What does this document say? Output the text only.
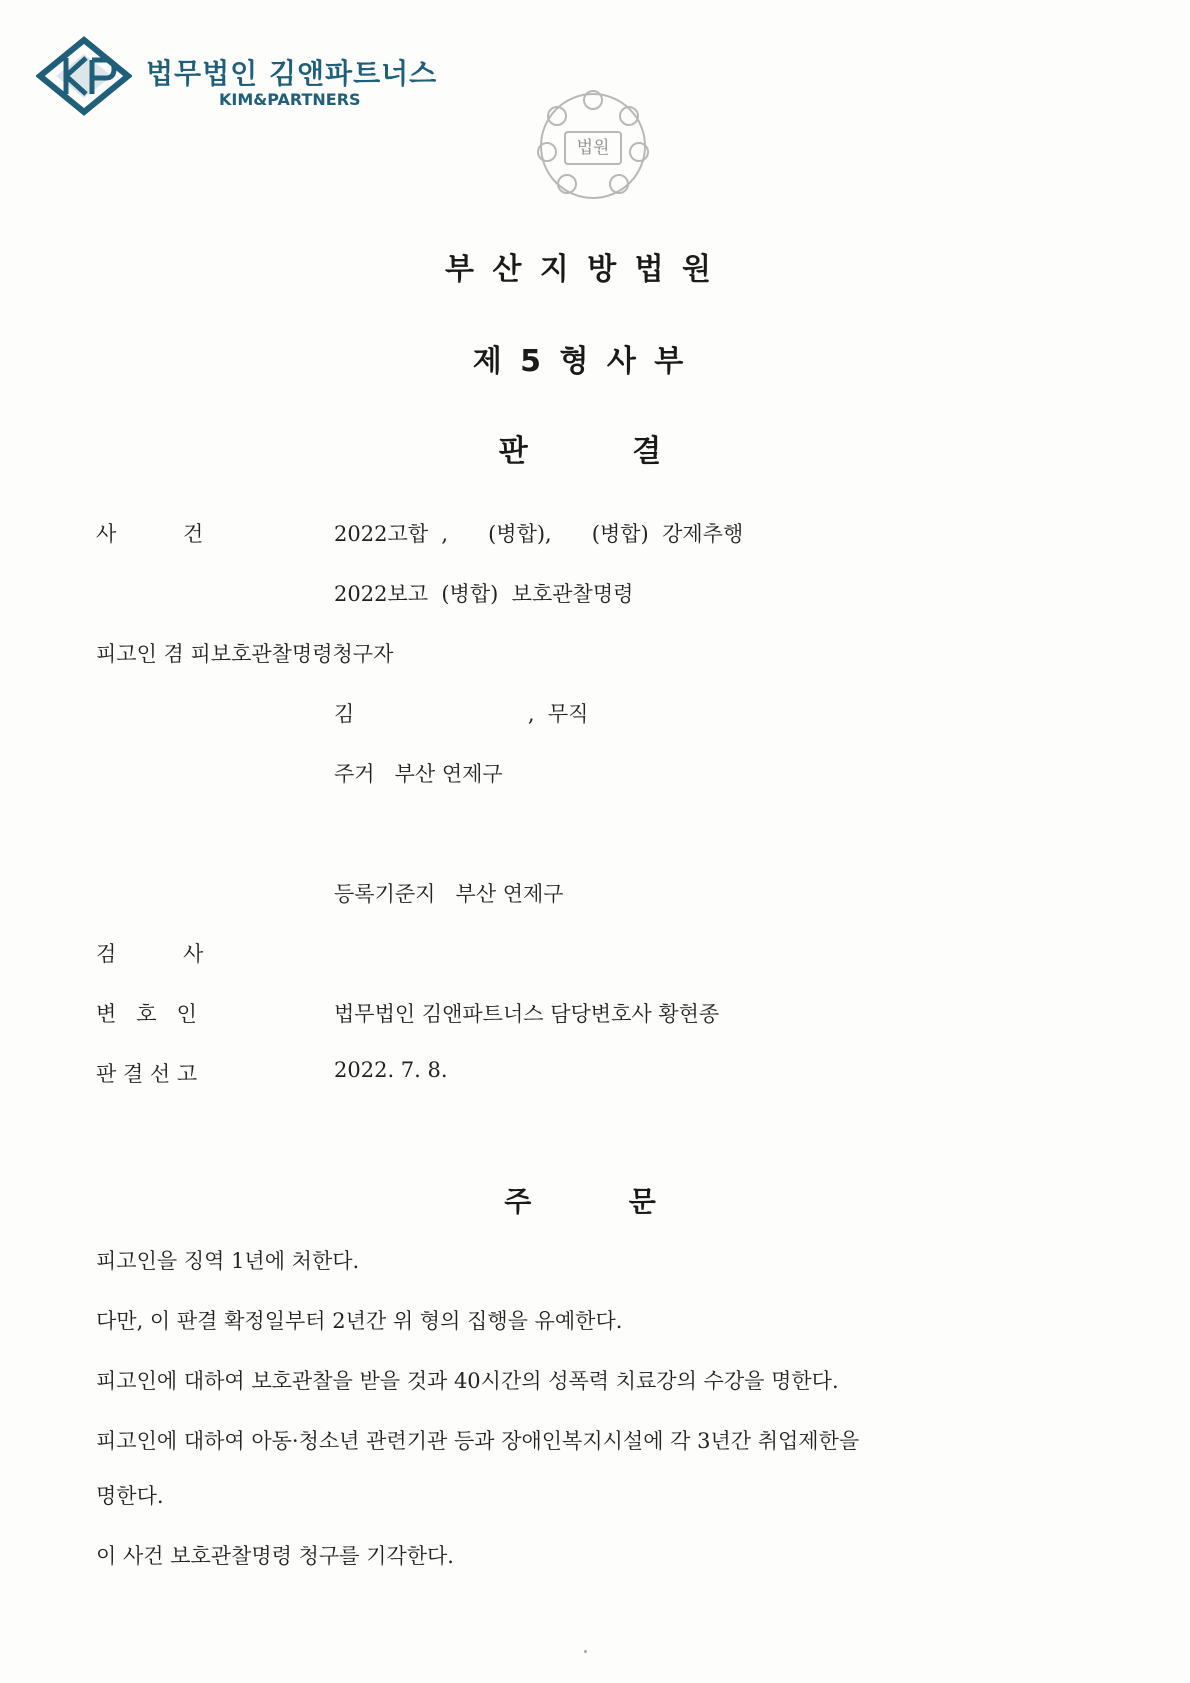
법무법인 김앤파트너스
KIM&PARTNERS
법원
부 산 지 방 법 원
제 5 형 사 부
판          결
사          건	2022고합  ,      (병합),      (병합)  강제추행
2022보고  (병합)  보호관찰명령
피고인 겸 피보호관찰명령청구자
김                          ,  무직
주거   부산 연제구
등록기준지   부산 연제구
검          사
변   호   인	법무법인 김앤파트너스 담당변호사 황현종
판 결 선 고	2022. 7. 8.
주          문
피고인을 징역 1년에 처한다.
다만, 이 판결 확정일부터 2년간 위 형의 집행을 유예한다.
피고인에 대하여 보호관찰을 받을 것과 40시간의 성폭력 치료강의 수강을 명한다.
피고인에 대하여 아동·청소년 관련기관 등과 장애인복지시설에 각 3년간 취업제한을
명한다.
이 사건 보호관찰명령 청구를 기각한다.
